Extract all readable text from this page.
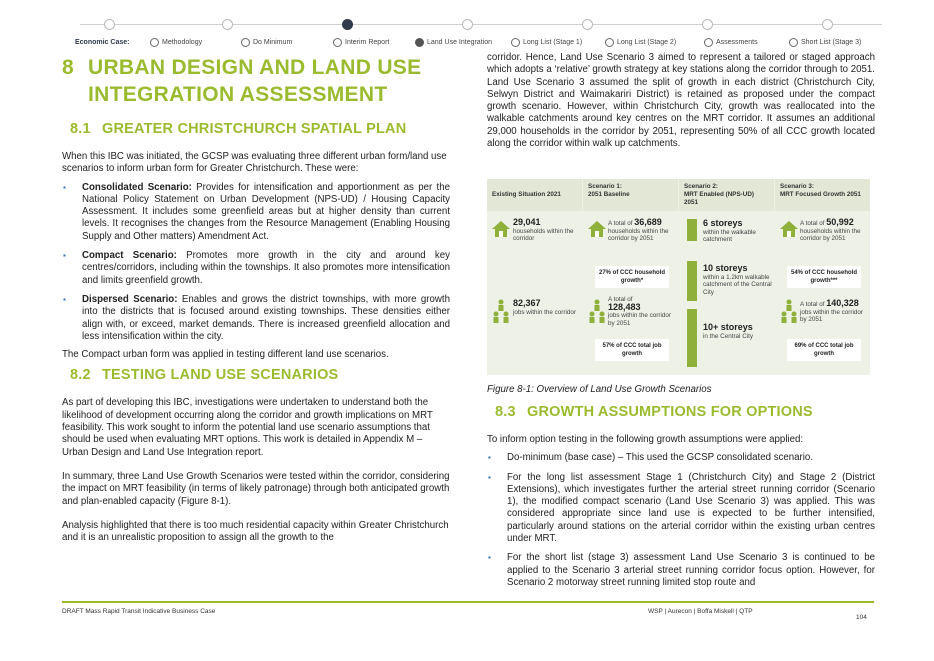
Economic Case:	Methodology	Do Minimum	Interim Report	Land Use Integration	Long List (Stage 1)	Long List (Stage 2)	Assessments	Short List (Stage 3)
8 URBAN DESIGN AND LAND USE
INTEGRATION ASSESSMENT
8.1 GREATER CHRISTCHURCH SPATIAL PLAN

When this IBC was initiated, the GCSP was evaluating three different urban form/land use scenarios to inform urban form for Greater Christchurch. These were:

▪ Consolidated Scenario: Provides for intensification and apportionment as per the National Policy Statement on Urban Development (NPS-UD) / Housing Capacity Assessment. It includes some greenfield areas but at higher density than current levels. It recognises the changes from the Resource Management (Enabling Housing Supply and Other matters) Amendment Act.
▪ Compact Scenario: Promotes more growth in the city and around key centres/corridors, including within the townships. It also promotes more intensification and limits greenfield growth.
▪ Dispersed Scenario: Enables and grows the district townships, with more growth into the districts that is focused around existing townships. These densities either align with, or exceed, market demands. There is increased greenfield allocation and less intensification within the city.

The Compact urban form was applied in testing different land use scenarios.

8.2 TESTING LAND USE SCENARIOS

As part of developing this IBC, investigations were undertaken to understand both the likelihood of development occurring along the corridor and growth implications on MRT feasibility. This work sought to inform the potential land use scenario assumptions that should be used when evaluating MRT options. This work is detailed in Appendix M – Urban Design and Land Use Integration report.

In summary, three Land Use Growth Scenarios were tested within the corridor, considering the impact on MRT feasibility (in terms of likely patronage) through both anticipated growth and plan-enabled capacity (Figure 8-1).

Analysis highlighted that there is too much residential capacity within Greater Christchurch and it is an unrealistic proposition to assign all the growth to the

corridor. Hence, Land Use Scenario 3 aimed to represent a tailored or staged approach which adopts a ‘relative’ growth strategy at key stations along the corridor through to 2051. Land Use Scenario 3 assumed the split of growth in each district (Christchurch City, Selwyn District and Waimakariri District) is retained as proposed under the compact growth scenario. However, within Christchurch City, growth was reallocated into the walkable catchments around key centres on the MRT corridor. It assumes an additional 29,000 households in the corridor by 2051, representing 50% of all CCC growth located along the corridor within walk up catchments.

Existing Situation 2021
Scenario 1:
2051 Baseline
Scenario 2:
MRT Enabled (NPS-UD)
2051
Scenario 3:
MRT Focused Growth 2051
29,041
households within the corridor
82,367
jobs within the corridor
A total of 36,689
households within the corridor by 2051
27% of CCC household growth*
A total of
128,483
jobs within the corridor by 2051
57% of CCC total job growth
6 storeys
within the walkable catchment
10 storeys
within a 1.2km walkable catchment of the Central City
10+ storeys
in the Central City
A total of 50,992
households within the corridor by 2051
54% of CCC household growth***
A total of 140,328
jobs within the corridor by 2051
69% of CCC total job growth
Figure 8-1: Overview of Land Use Growth Scenarios
8.3 GROWTH ASSUMPTIONS FOR OPTIONS

To inform option testing in the following growth assumptions were applied:

▪ Do-minimum (base case) – This used the GCSP consolidated scenario.
▪ For the long list assessment Stage 1 (Christchurch City) and Stage 2 (District Extensions), which investigates further the arterial street running corridor (Scenario 1), the modified compact scenario (Land Use Scenario 3) was applied. This was considered appropriate since land use is expected to be further intensified, particularly around stations on the arterial corridor within the existing urban centres under MRT.
▪ For the short list (stage 3) assessment Land Use Scenario 3 is continued to be applied to the Scenario 3 arterial street running corridor focus option. However, for Scenario 2 motorway street running limited stop route and
DRAFT Mass Rapid Transit Indicative Business Case	WSP | Aurecon | Boffa Miskell | QTP
104
